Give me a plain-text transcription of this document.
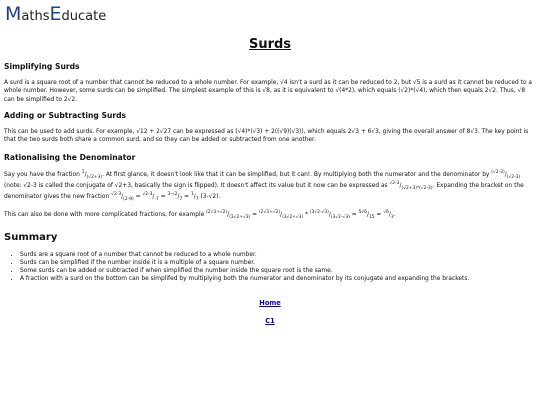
MathsEducate
Surds
Simplifying Surds

A surd is a square root of a number that cannot be reduced to a whole number. For example, √4 isn't a surd as it can be reduced to 2, but √5 is a surd as it cannot be reduced to a whole number. However, some surds can be simplified. The simplest example of this is √8, as it is equivalent to √(4*2), which equals (√2)*(√4), which then equals 2√2. Thus, √8 can be simplified to 2√2.

Adding or Subtracting Surds

This can be used to add surds. For example, √12 + 2√27 can be expressed as (√4)*(√3) + 2((√9)(√3)), which equals 2√3 + 6√3, giving the overall answer of 8√3. The key point is that the two surds both share a common surd, and so they can be added or subtracted from one another.

Rationalising the Denominator

Say you have the fraction $^1/_{(√2+3)}$. At first glance, it doesn't look like that it can be simplified, but it can!. By multiplying both the numerator and the denominator by $^{(√2-3)}/_{(√2-3)}$ (note: √2-3 is called the conjugate of √2+3, basically the sign is flipped). It doesn't affect its value but it now can be expressed as $^{√2-3}/_{(√2+3)*(√2-3)}$. Expanding the bracket on the denominator gives the new fraction $^{√2-3}/_{(2-9)} = ^{√2-3}/_{-7} = ^{3-√2}/_7 = ^1/_7$ (3-√2).

This can also be done with more complicated fractions, for example $^{(2√3+√2)}/_{(3√2+√3)} = ^{(2√3+√2)}/_{(3√2+√3)} * ^{(3√2-√3)}/_{(3√2-√3)} = ^{5√6}/_{15} = ^{√6}/_3$.

Summary
• Surds are a square root of a number that cannot be reduced to a whole number.
• Surds can be simplified if the number inside it is a multiple of a square number.
• Some surds can be added or subtracted if when simplified the number inside the square root is the same.
• A fraction with a surd on the bottom can be simplifed by multiplying both the numerator and denominator by its conjugate and expanding the brackets.
Home
C1
